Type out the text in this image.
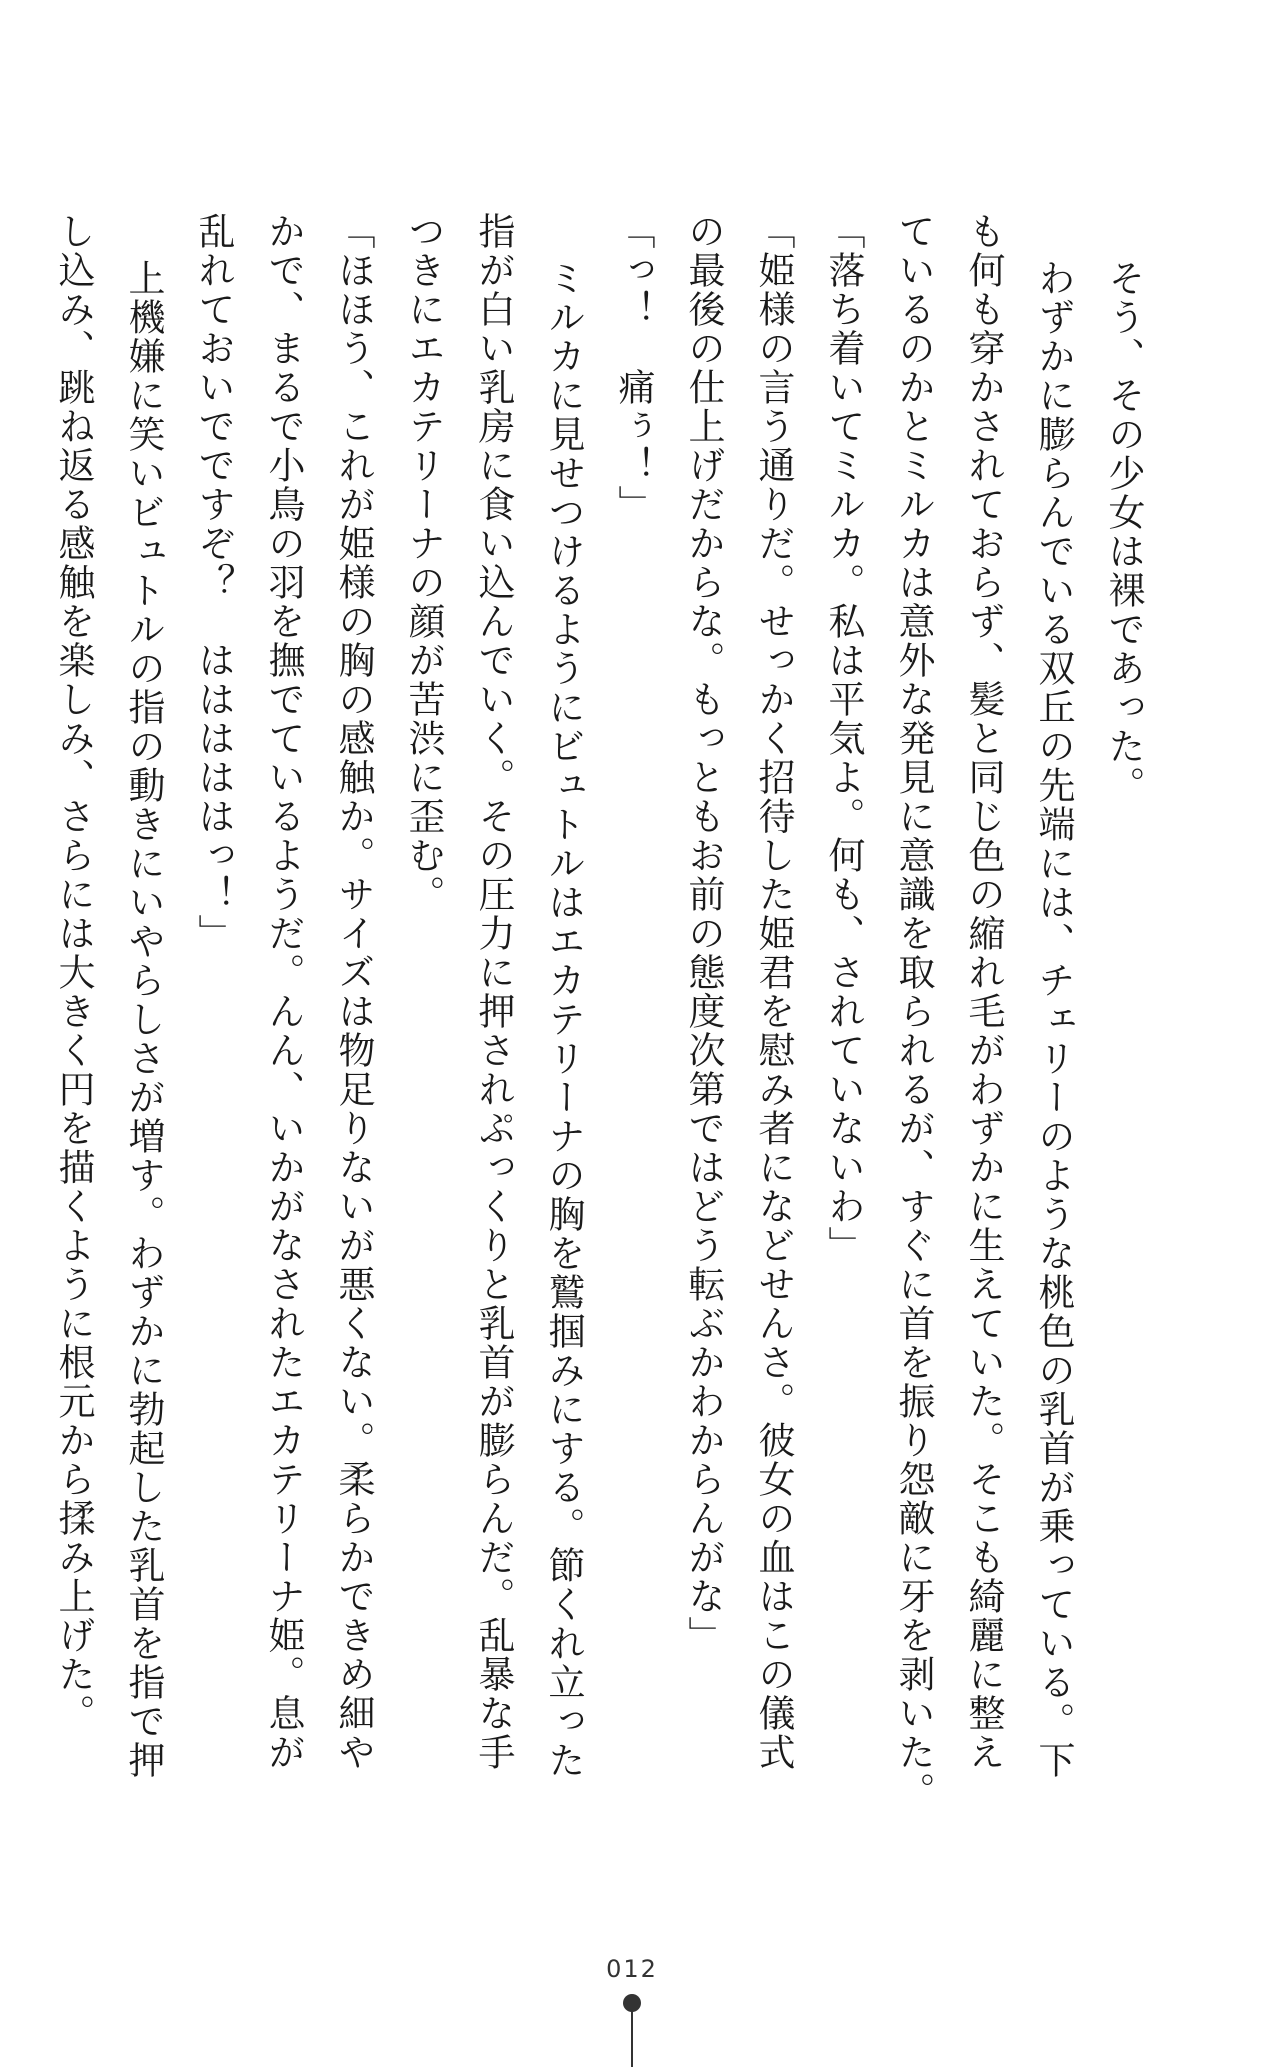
そう、その少女は裸であった。
わずかに膨らんでいる双丘の先端には、チェリーのような桃色の乳首が乗っている。下
も何も穿かされておらず、髪と同じ色の縮れ毛がわずかに生えていた。そこも綺麗に整え
ているのかとミルカは意外な発見に意識を取られるが、すぐに首を振り怨敵に牙を剥いた。
「落ち着いてミルカ。私は平気よ。何も、されていないわ」
「姫様の言う通りだ。せっかく招待した姫君を慰み者になどせんさ。彼女の血はこの儀式
の最後の仕上げだからな。もっともお前の態度次第ではどう転ぶかわからんがな」
「っ！　痛ぅ！」
ミルカに見せつけるようにビュトルはエカテリーナの胸を鷲掴みにする。節くれ立った
指が白い乳房に食い込んでいく。その圧力に押されぷっくりと乳首が膨らんだ。乱暴な手
つきにエカテリーナの顔が苦渋に歪む。
「ほほう、これが姫様の胸の感触か。サイズは物足りないが悪くない。柔らかできめ細や
かで、まるで小鳥の羽を撫でているようだ。んん、いかがなされたエカテリーナ姫。息が
乱れておいでですぞ？　はははははっ！」
上機嫌に笑いビュトルの指の動きにいやらしさが増す。わずかに勃起した乳首を指で押
し込み、跳ね返る感触を楽しみ、さらには大きく円を描くように根元から揉み上げた。
012
